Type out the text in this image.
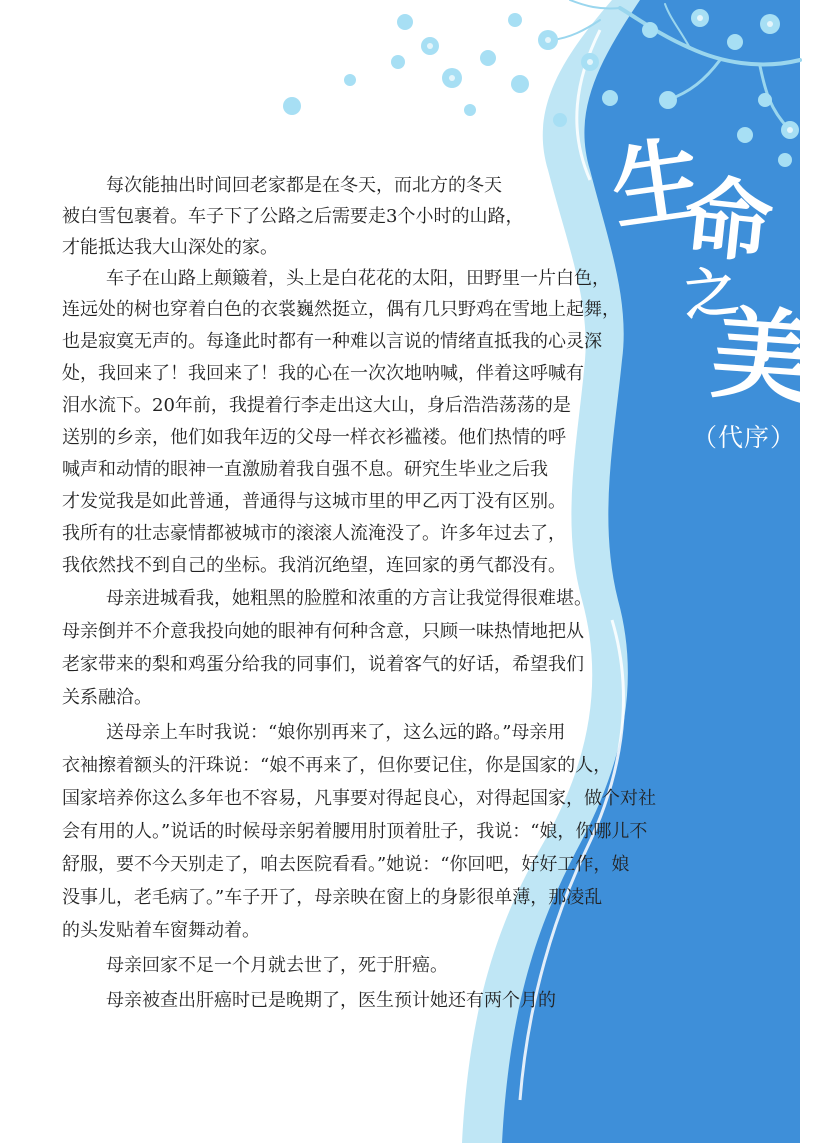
生
命
之
美
（代序）
每次能抽出时间回老家都是在冬天，而北方的冬天
被白雪包裹着。车子下了公路之后需要走3个小时的山路，
才能抵达我大山深处的家。
车子在山路上颠簸着，头上是白花花的太阳，田野里一片白色，
连远处的树也穿着白色的衣裳巍然挺立，偶有几只野鸡在雪地上起舞，
也是寂寞无声的。每逢此时都有一种难以言说的情绪直抵我的心灵深
处，我回来了！我回来了！我的心在一次次地呐喊，伴着这呼喊有
泪水流下。20年前，我提着行李走出这大山，身后浩浩荡荡的是
送别的乡亲，他们如我年迈的父母一样衣衫褴褛。他们热情的呼
喊声和动情的眼神一直激励着我自强不息。研究生毕业之后我
才发觉我是如此普通，普通得与这城市里的甲乙丙丁没有区别。
我所有的壮志豪情都被城市的滚滚人流淹没了。许多年过去了，
我依然找不到自己的坐标。我消沉绝望，连回家的勇气都没有。
母亲进城看我，她粗黑的脸膛和浓重的方言让我觉得很难堪。
母亲倒并不介意我投向她的眼神有何种含意，只顾一味热情地把从
老家带来的梨和鸡蛋分给我的同事们，说着客气的好话，希望我们
关系融洽。
送母亲上车时我说：“娘你别再来了，这么远的路。”母亲用
衣袖擦着额头的汗珠说：“娘不再来了，但你要记住，你是国家的人，
国家培养你这么多年也不容易，凡事要对得起良心，对得起国家，做个对社
会有用的人。”说话的时候母亲躬着腰用肘顶着肚子，我说：“娘，你哪儿不
舒服，要不今天别走了，咱去医院看看。”她说：“你回吧，好好工作，娘
没事儿，老毛病了。”车子开了，母亲映在窗上的身影很单薄，那凌乱
的头发贴着车窗舞动着。
母亲回家不足一个月就去世了，死于肝癌。
母亲被查出肝癌时已是晚期了，医生预计她还有两个月的
